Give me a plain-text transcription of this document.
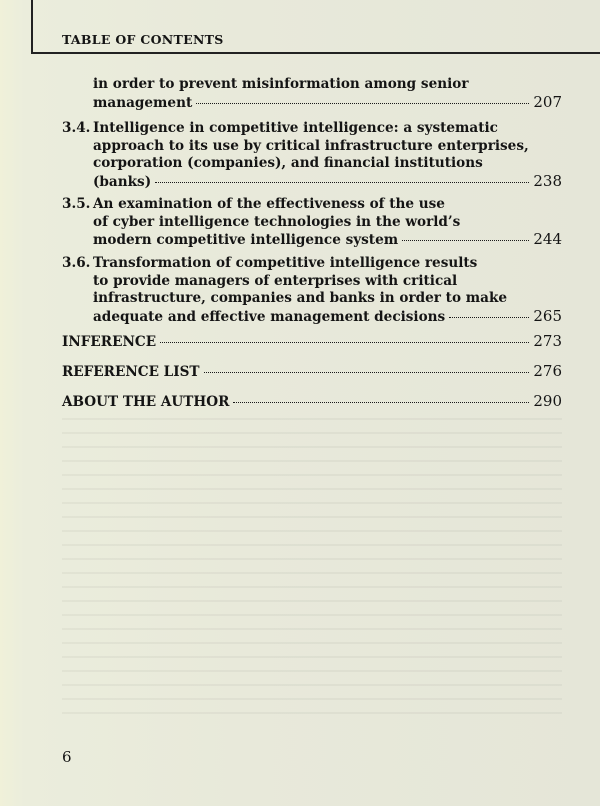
TABLE OF CONTENTS
in order to prevent misinformation among senior
management	207
3.4. Intelligence in competitive intelligence: a systematic
approach to its use by critical infrastructure enterprises,
corporation (companies), and financial institutions
(banks)	238
3.5. An examination of the effectiveness of the use
of cyber intelligence technologies in the world’s
modern competitive intelligence system	244
3.6. Transformation of competitive intelligence results
to provide managers of enterprises with critical
infrastructure, companies and banks in order to make
adequate and effective management decisions	265
INFERENCE	273
REFERENCE LIST	276
ABOUT THE AUTHOR	290
6
